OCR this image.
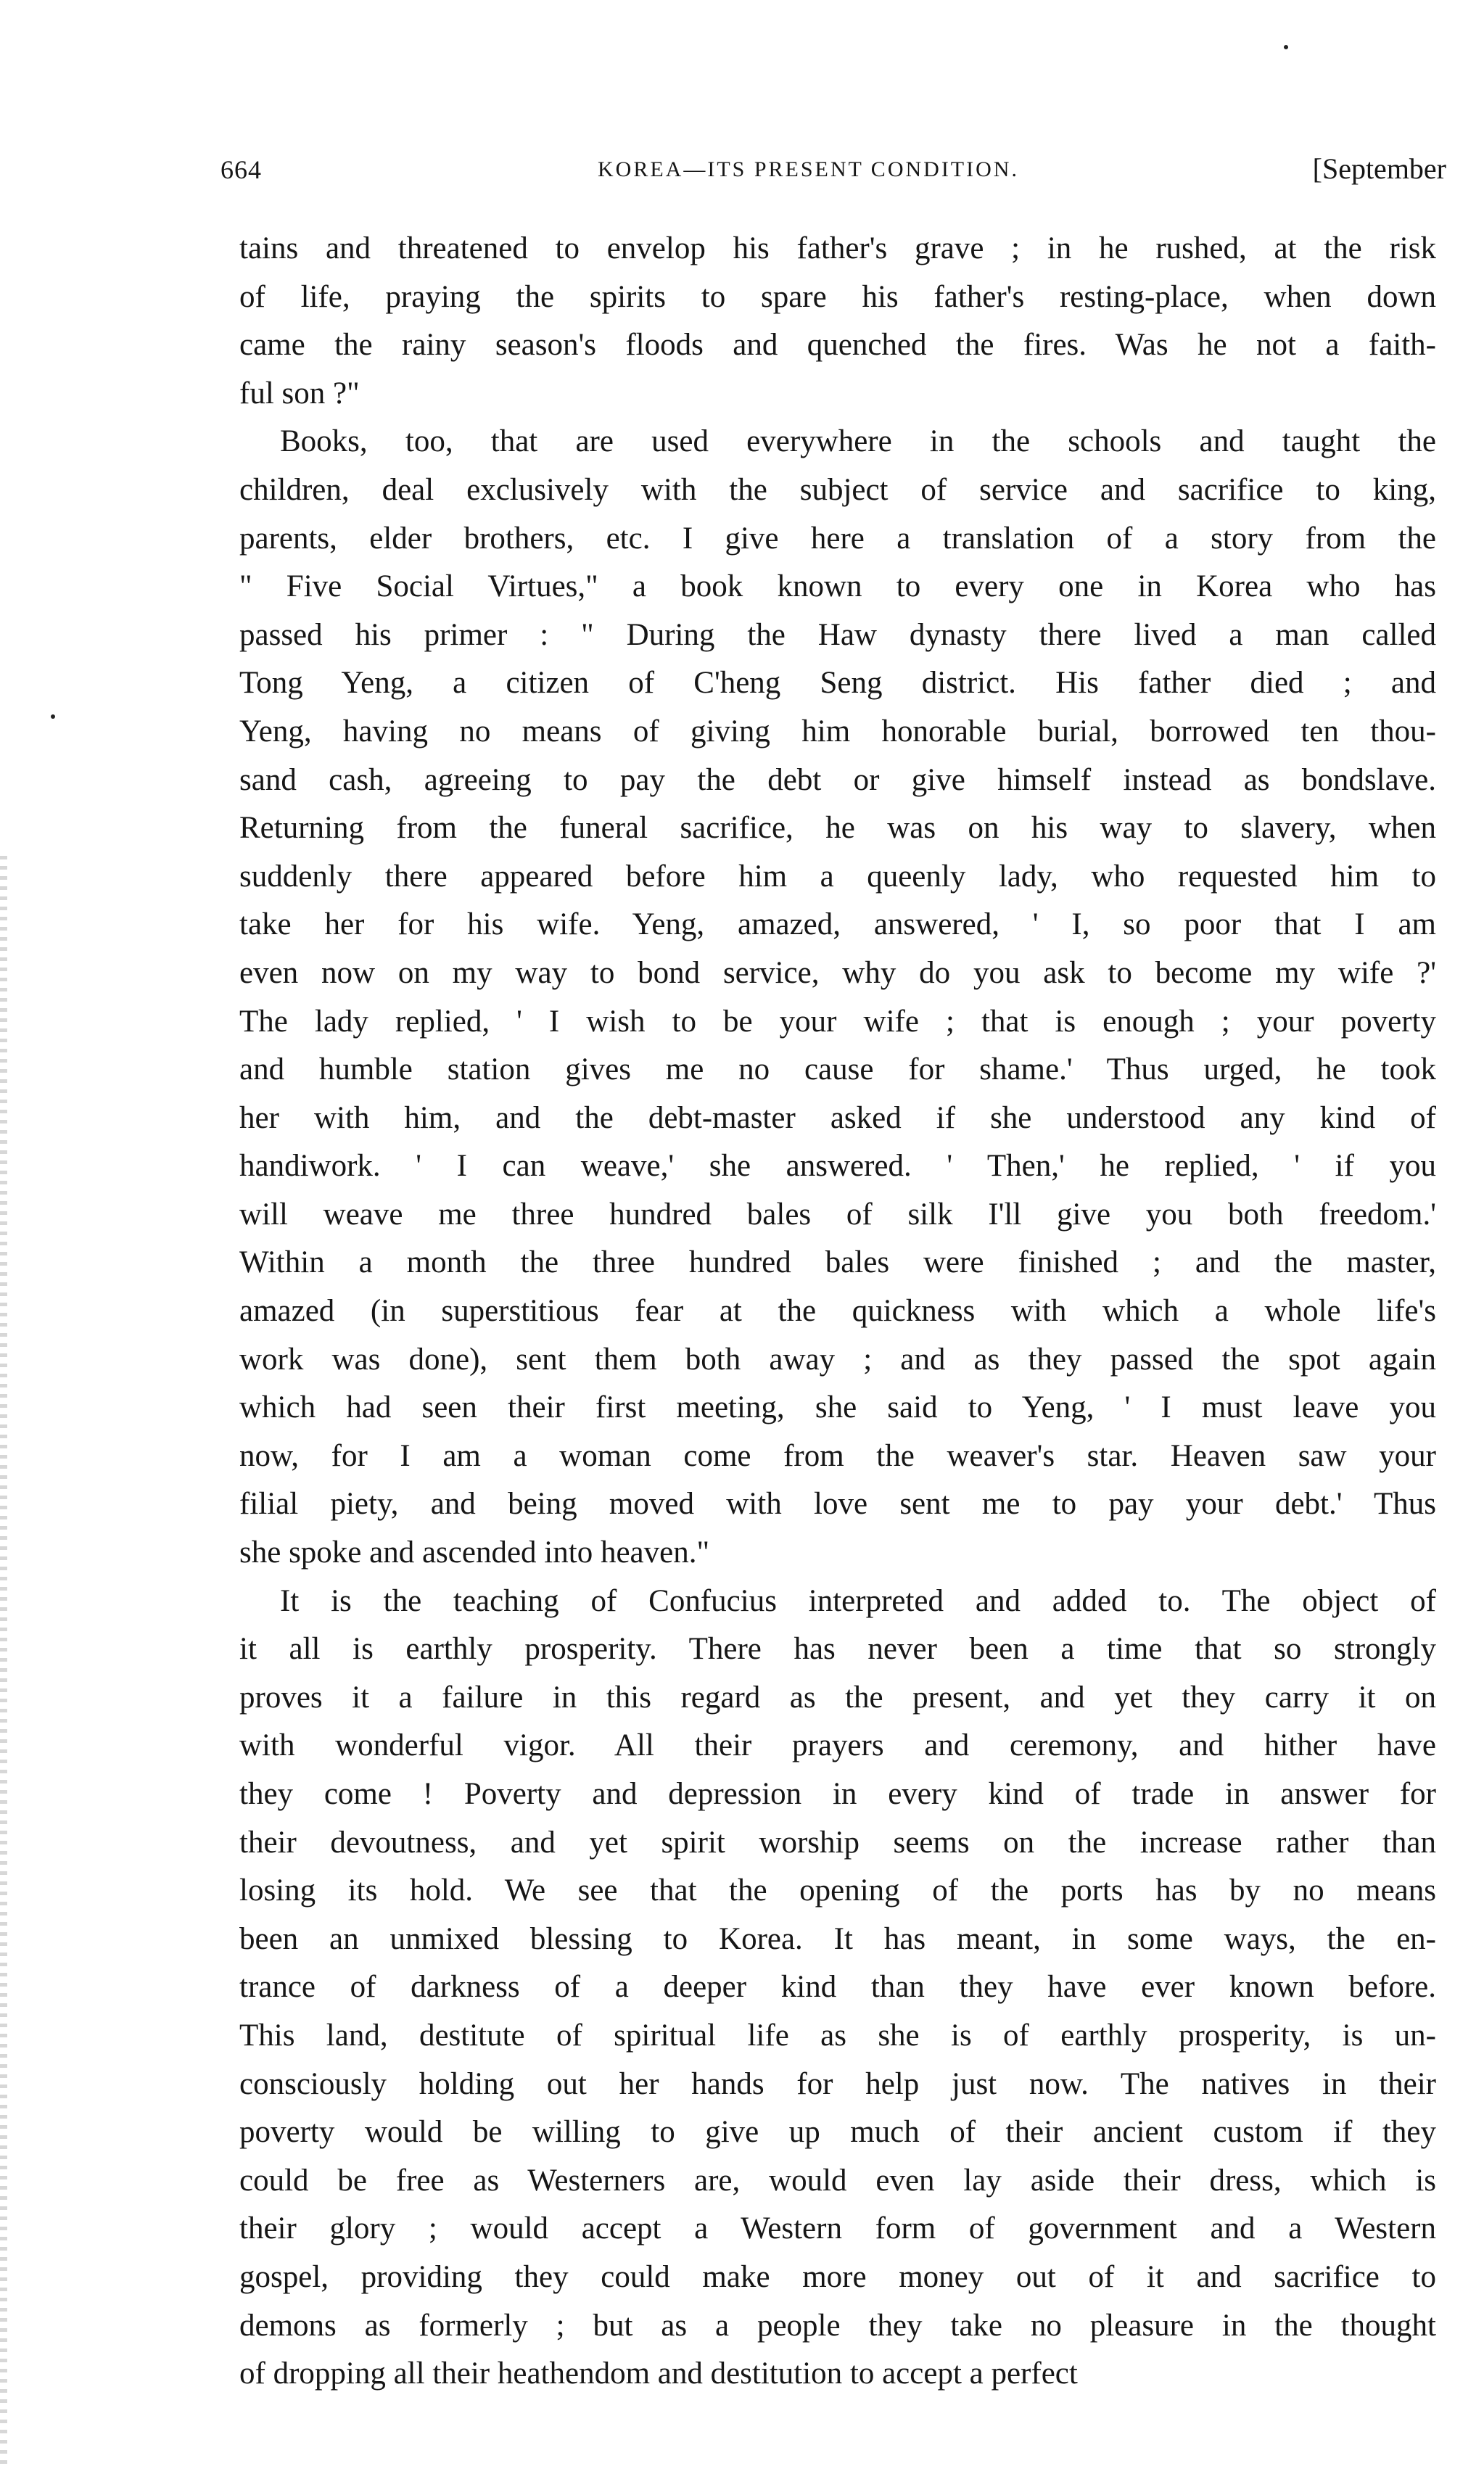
664	KOREA—ITS PRESENT CONDITION.	[September
tains and threatened to envelop his father's grave ; in he rushed, at the risk
of life, praying the spirits to spare his father's resting-place, when down
came the rainy season's floods and quenched the fires. Was he not a faith-
ful son ?"
Books, too, that are used everywhere in the schools and taught the
children, deal exclusively with the subject of service and sacrifice to king,
parents, elder brothers, etc. I give here a translation of a story from the
" Five Social Virtues," a book known to every one in Korea who has
passed his primer : " During the Haw dynasty there lived a man called
Tong Yeng, a citizen of C'heng Seng district. His father died ; and
Yeng, having no means of giving him honorable burial, borrowed ten thou-
sand cash, agreeing to pay the debt or give himself instead as bondslave.
Returning from the funeral sacrifice, he was on his way to slavery, when
suddenly there appeared before him a queenly lady, who requested him to
take her for his wife. Yeng, amazed, answered, ' I, so poor that I am
even now on my way to bond service, why do you ask to become my wife ?'
The lady replied, ' I wish to be your wife ; that is enough ; your poverty
and humble station gives me no cause for shame.' Thus urged, he took
her with him, and the debt-master asked if she understood any kind of
handiwork. ' I can weave,' she answered. ' Then,' he replied, ' if you
will weave me three hundred bales of silk I'll give you both freedom.'
Within a month the three hundred bales were finished ; and the master,
amazed (in superstitious fear at the quickness with which a whole life's
work was done), sent them both away ; and as they passed the spot again
which had seen their first meeting, she said to Yeng, ' I must leave you
now, for I am a woman come from the weaver's star. Heaven saw your
filial piety, and being moved with love sent me to pay your debt.' Thus
she spoke and ascended into heaven."
It is the teaching of Confucius interpreted and added to. The object of
it all is earthly prosperity. There has never been a time that so strongly
proves it a failure in this regard as the present, and yet they carry it on
with wonderful vigor. All their prayers and ceremony, and hither have
they come ! Poverty and depression in every kind of trade in answer for
their devoutness, and yet spirit worship seems on the increase rather than
losing its hold. We see that the opening of the ports has by no means
been an unmixed blessing to Korea. It has meant, in some ways, the en-
trance of darkness of a deeper kind than they have ever known before.
This land, destitute of spiritual life as she is of earthly prosperity, is un-
consciously holding out her hands for help just now. The natives in their
poverty would be willing to give up much of their ancient custom if they
could be free as Westerners are, would even lay aside their dress, which is
their glory ; would accept a Western form of government and a Western
gospel, providing they could make more money out of it and sacrifice to
demons as formerly ; but as a people they take no pleasure in the thought
of dropping all their heathendom and destitution to accept a perfect
